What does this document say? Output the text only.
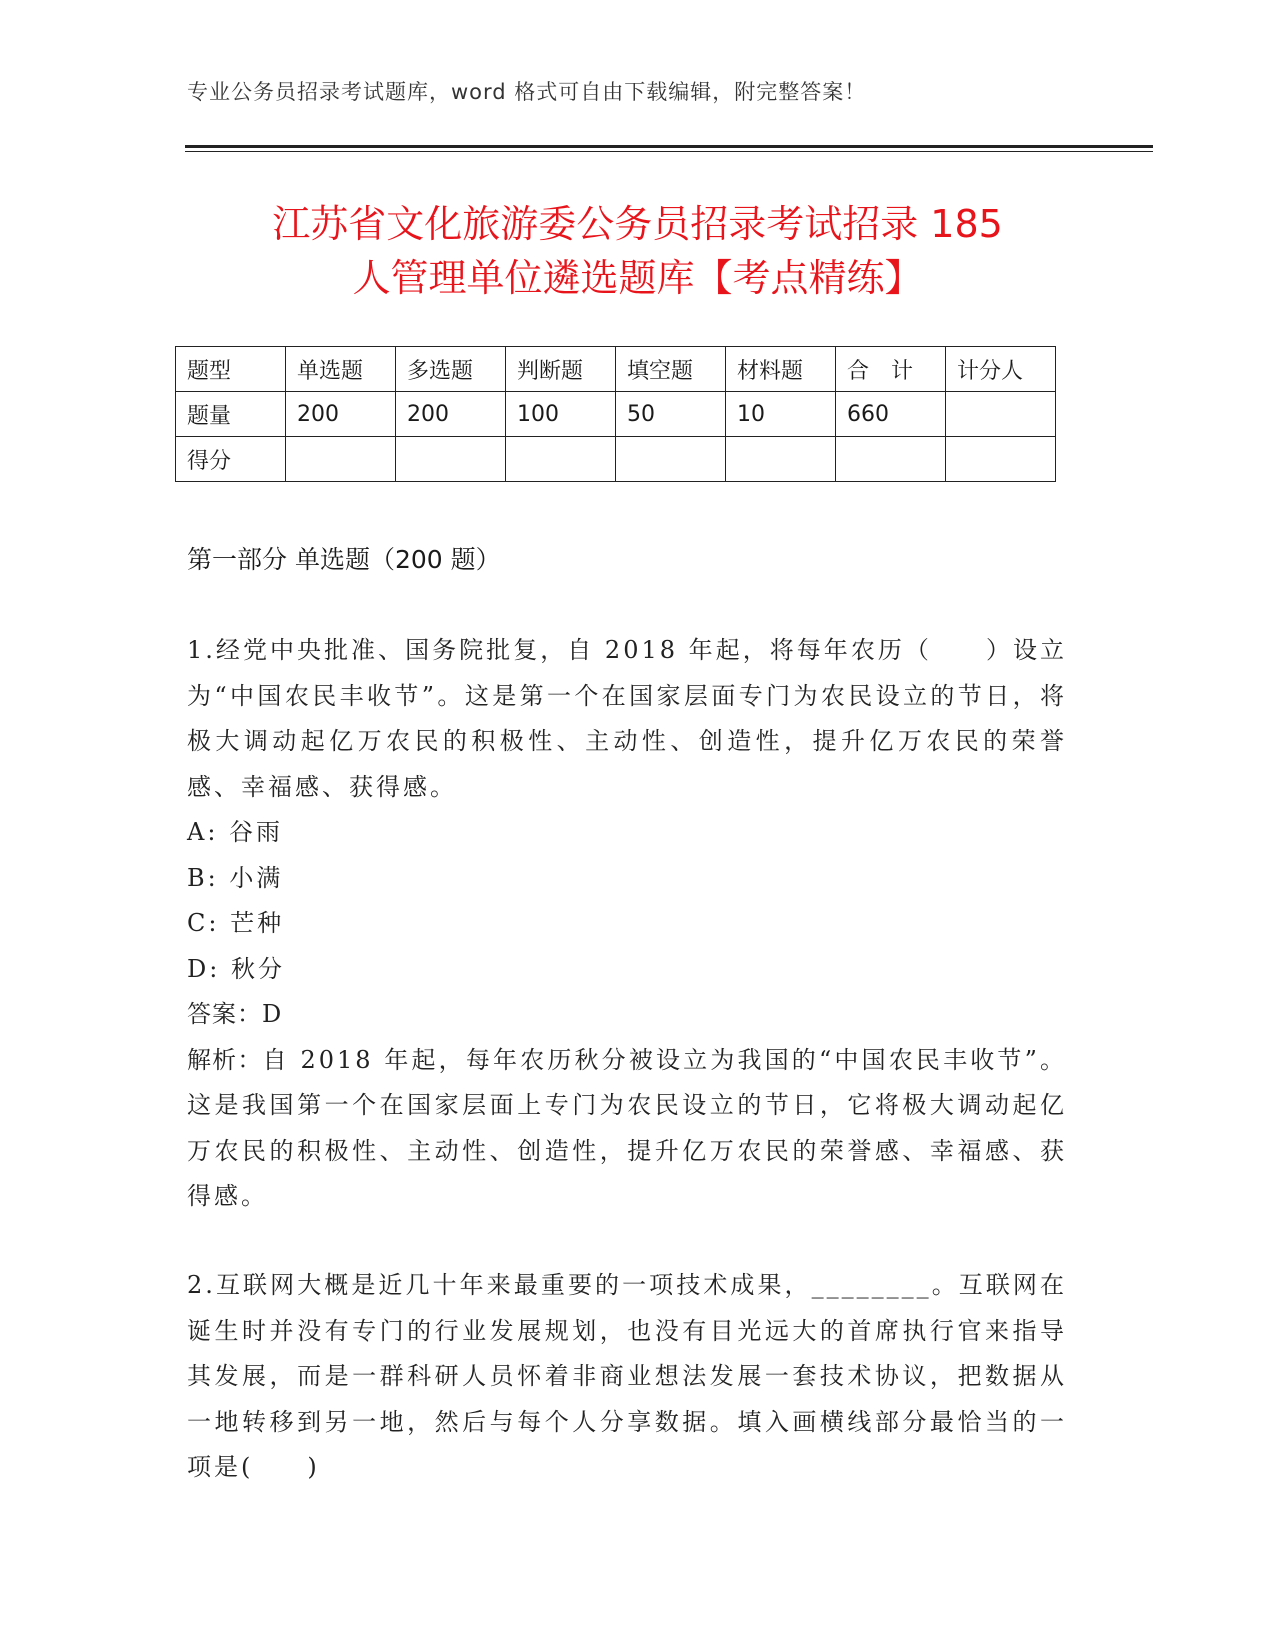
专业公务员招录考试题库，word 格式可自由下载编辑，附完整答案！
江苏省文化旅游委公务员招录考试招录 185
人管理单位遴选题库【考点精练】
题型	单选题	多选题	判断题	填空题	材料题	合　计	计分人
题量	200	200	100	50	10	660	
得分							
第一部分 单选题（200 题）

1.经党中央批准、国务院批复，自 2018 年起，将每年农历（　　）设立为“中国农民丰收节”。这是第一个在国家层面专门为农民设立的节日，将极大调动起亿万农民的积极性、主动性、创造性，提升亿万农民的荣誉感、幸福感、获得感。

A: 谷雨

B: 小满

C: 芒种

D: 秋分

答案：D

解析：自 2018 年起，每年农历秋分被设立为我国的“中国农民丰收节”。这是我国第一个在国家层面上专门为农民设立的节日，它将极大调动起亿万农民的积极性、主动性、创造性，提升亿万农民的荣誉感、幸福感、获得感。

2.互联网大概是近几十年来最重要的一项技术成果，________。互联网在诞生时并没有专门的行业发展规划，也没有目光远大的首席执行官来指导其发展，而是一群科研人员怀着非商业想法发展一套技术协议，把数据从一地转移到另一地，然后与每个人分享数据。填入画横线部分最恰当的一项是(　　)
